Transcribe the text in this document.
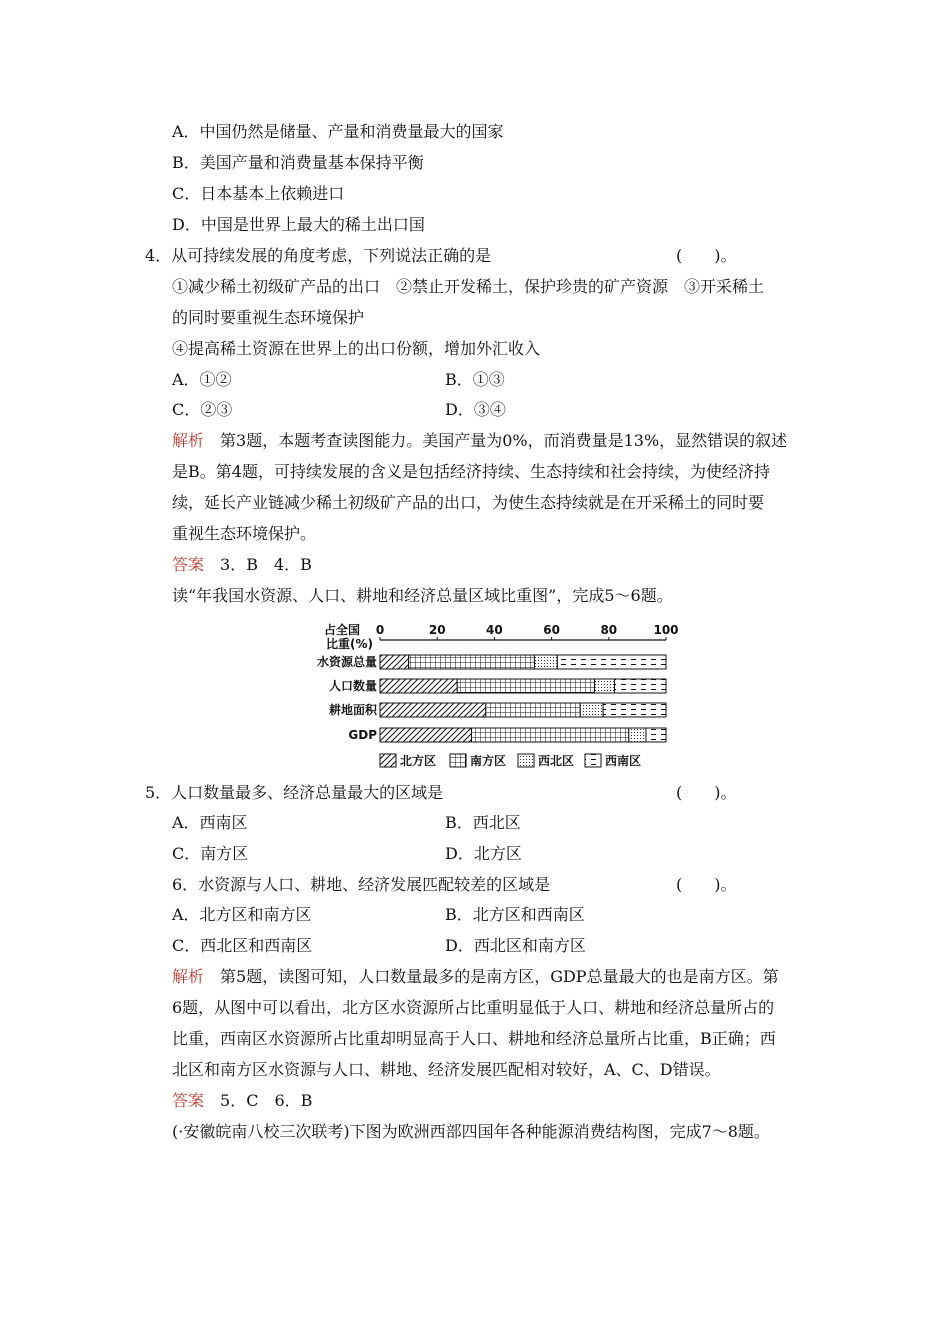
A．中国仍然是储量、产量和消费量最大的国家
B．美国产量和消费量基本保持平衡
C．日本基本上依赖进口
D．中国是世界上最大的稀土出口国
4．从可持续发展的角度考虑，下列说法正确的是	(　　)。
①减少稀土初级矿产品的出口　②禁止开发稀土，保护珍贵的矿产资源　③开采稀土
的同时要重视生态环境保护
④提高稀土资源在世界上的出口份额，增加外汇收入
A．①②	B．①③
C．②③	D．③④
解析　第3题，本题考查读图能力。美国产量为0%，而消费量是13%，显然错误的叙述
是B。第4题，可持续发展的含义是包括经济持续、生态持续和社会持续，为使经济持
续，延长产业链减少稀土初级矿产品的出口，为使生态持续就是在开采稀土的同时要
重视生态环境保护。
答案　3．B　4．B
读“年我国水资源、人口、耕地和经济总量区域比重图”，完成5～6题。
占全国
比重(%)
0	20	40	60	80	100
水资源总量
人口数量
耕地面积
GDP
北方区	南方区	西北区	西南区
5．人口数量最多、经济总量最大的区域是	(　　)。
A．西南区	B．西北区
C．南方区	D．北方区
6．水资源与人口、耕地、经济发展匹配较差的区域是	(　　)。
A．北方区和南方区	B．北方区和西南区
C．西北区和西南区	D．西北区和南方区
解析　第5题，读图可知，人口数量最多的是南方区，GDP总量最大的也是南方区。第
6题，从图中可以看出，北方区水资源所占比重明显低于人口、耕地和经济总量所占的
比重，西南区水资源所占比重却明显高于人口、耕地和经济总量所占比重，B正确；西
北区和南方区水资源与人口、耕地、经济发展匹配相对较好，A、C、D错误。
答案　5．C　6．B
(·安徽皖南八校三次联考)下图为欧洲西部四国年各种能源消费结构图，完成7～8题。
